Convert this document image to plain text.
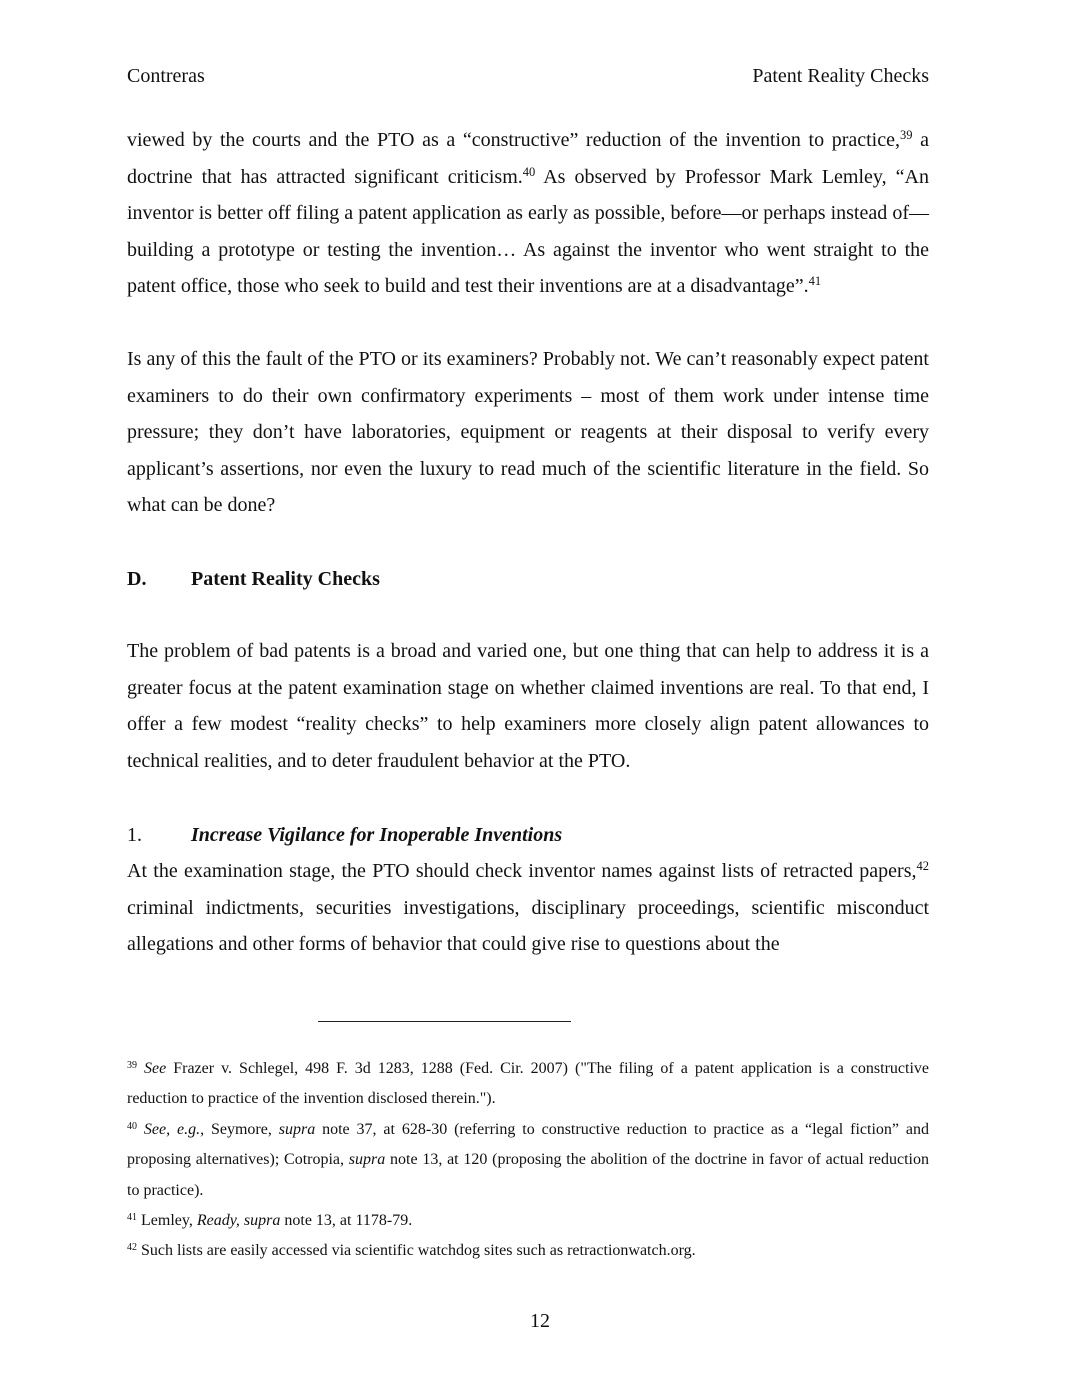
Contreras	Patent Reality Checks

viewed by the courts and the PTO as a “constructive” reduction of the invention to practice,$^{39}$ a doctrine that has attracted significant criticism.$^{40}$ As observed by Professor Mark Lemley, “An inventor is better off filing a patent application as early as possible, before—or perhaps instead of— building a prototype or testing the invention… As against the inventor who went straight to the patent office, those who seek to build and test their inventions are at a disadvantage”.$^{41}$

Is any of this the fault of the PTO or its examiners? Probably not. We can’t reasonably expect patent examiners to do their own confirmatory experiments – most of them work under intense time pressure; they don’t have laboratories, equipment or reagents at their disposal to verify every applicant’s assertions, nor even the luxury to read much of the scientific literature in the field. So what can be done?

D. Patent Reality Checks

The problem of bad patents is a broad and varied one, but one thing that can help to address it is a greater focus at the patent examination stage on whether claimed inventions are real. To that end, I offer a few modest “reality checks” to help examiners more closely align patent allowances to technical realities, and to deter fraudulent behavior at the PTO.

1. Increase Vigilance for Inoperable Inventions

At the examination stage, the PTO should check inventor names against lists of retracted papers,$^{42}$ criminal indictments, securities investigations, disciplinary proceedings, scientific misconduct allegations and other forms of behavior that could give rise to questions about the

$^{39}$ See Frazer v. Schlegel, 498 F. 3d 1283, 1288 (Fed. Cir. 2007) ("The filing of a patent application is a constructive reduction to practice of the invention disclosed therein.").

$^{40}$ See, e.g., Seymore, supra note 37, at 628-30 (referring to constructive reduction to practice as a “legal fiction” and proposing alternatives); Cotropia, supra note 13, at 120 (proposing the abolition of the doctrine in favor of actual reduction to practice).

$^{41}$ Lemley, Ready, supra note 13, at 1178-79.

$^{42}$ Such lists are easily accessed via scientific watchdog sites such as retractionwatch.org.

12
